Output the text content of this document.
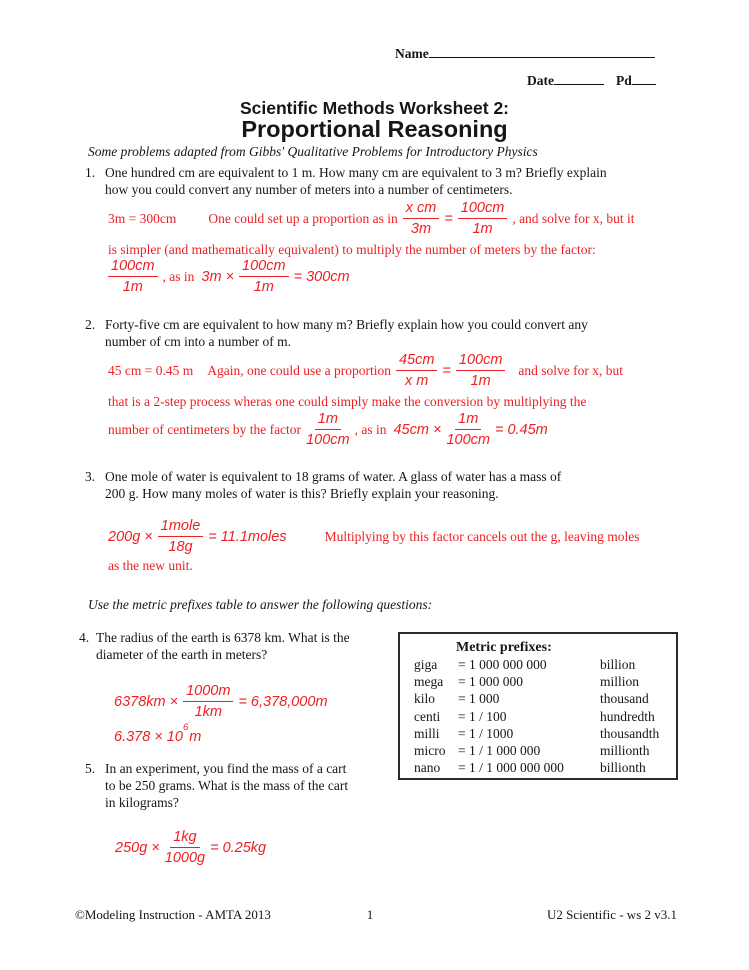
Name
Date	Pd
Scientific Methods Worksheet 2:
Proportional Reasoning
Some problems adapted from Gibbs' Qualitative Problems for Introductory Physics
1. One hundred cm are equivalent to 1 m. How many cm are equivalent to 3 m? Briefly explain
how you could convert any number of meters into a number of centimeters.
3m = 300cm One could set up a proportion as in $\frac{\text{x cm}}{3m} = \frac{100cm}{1m}$ , and solve for x, but it
is simpler (and mathematically equivalent) to multiply the number of meters by the factor:
$\frac{100cm}{1m}$ , as in $3m \times \frac{100cm}{1m} = 300cm$
2. Forty-five cm are equivalent to how many m? Briefly explain how you could convert any
number of cm into a number of m.
45 cm = 0.45 m Again, one could use a proportion $\frac{45cm}{\text{x m}} = \frac{100cm}{1m}$ and solve for x, but
that is a 2-step process wheras one could simply make the conversion by multiplying the
number of centimeters by the factor $\frac{1m}{100cm}$ , as in $45cm \times \frac{1m}{100cm} = 0.45m$
3. One mole of water is equivalent to 18 grams of water. A glass of water has a mass of
200 g. How many moles of water is this? Briefly explain your reasoning.
$200g \times \frac{\text{1mole}}{18g}$ = 11.1moles	Multiplying by this factor cancels out the g, leaving moles
as the new unit.
Use the metric prefixes table to answer the following questions:
4. The radius of the earth is 6378 km. What is the
diameter of the earth in meters?
$6378km \times \frac{1000m}{1km} = 6,378,000m$
$6.378 \times 10^6m$
Metric prefixes:
giga	= 1 000 000 000	billion
mega	= 1 000 000	million
kilo	= 1 000	thousand
centi	= 1 / 100	hundredth
milli	= 1 / 1000	thousandth
micro = 1 / 1 000 000	millionth
nano	= 1 / 1 000 000 000	billionth
5. In an experiment, you find the mass of a cart
to be 250 grams. What is the mass of the cart
in kilograms?
$250g \times \frac{1kg}{1000g} = 0.25kg$
©Modeling Instruction - AMTA 2013	1	U2 Scientific - ws 2 v3.1
